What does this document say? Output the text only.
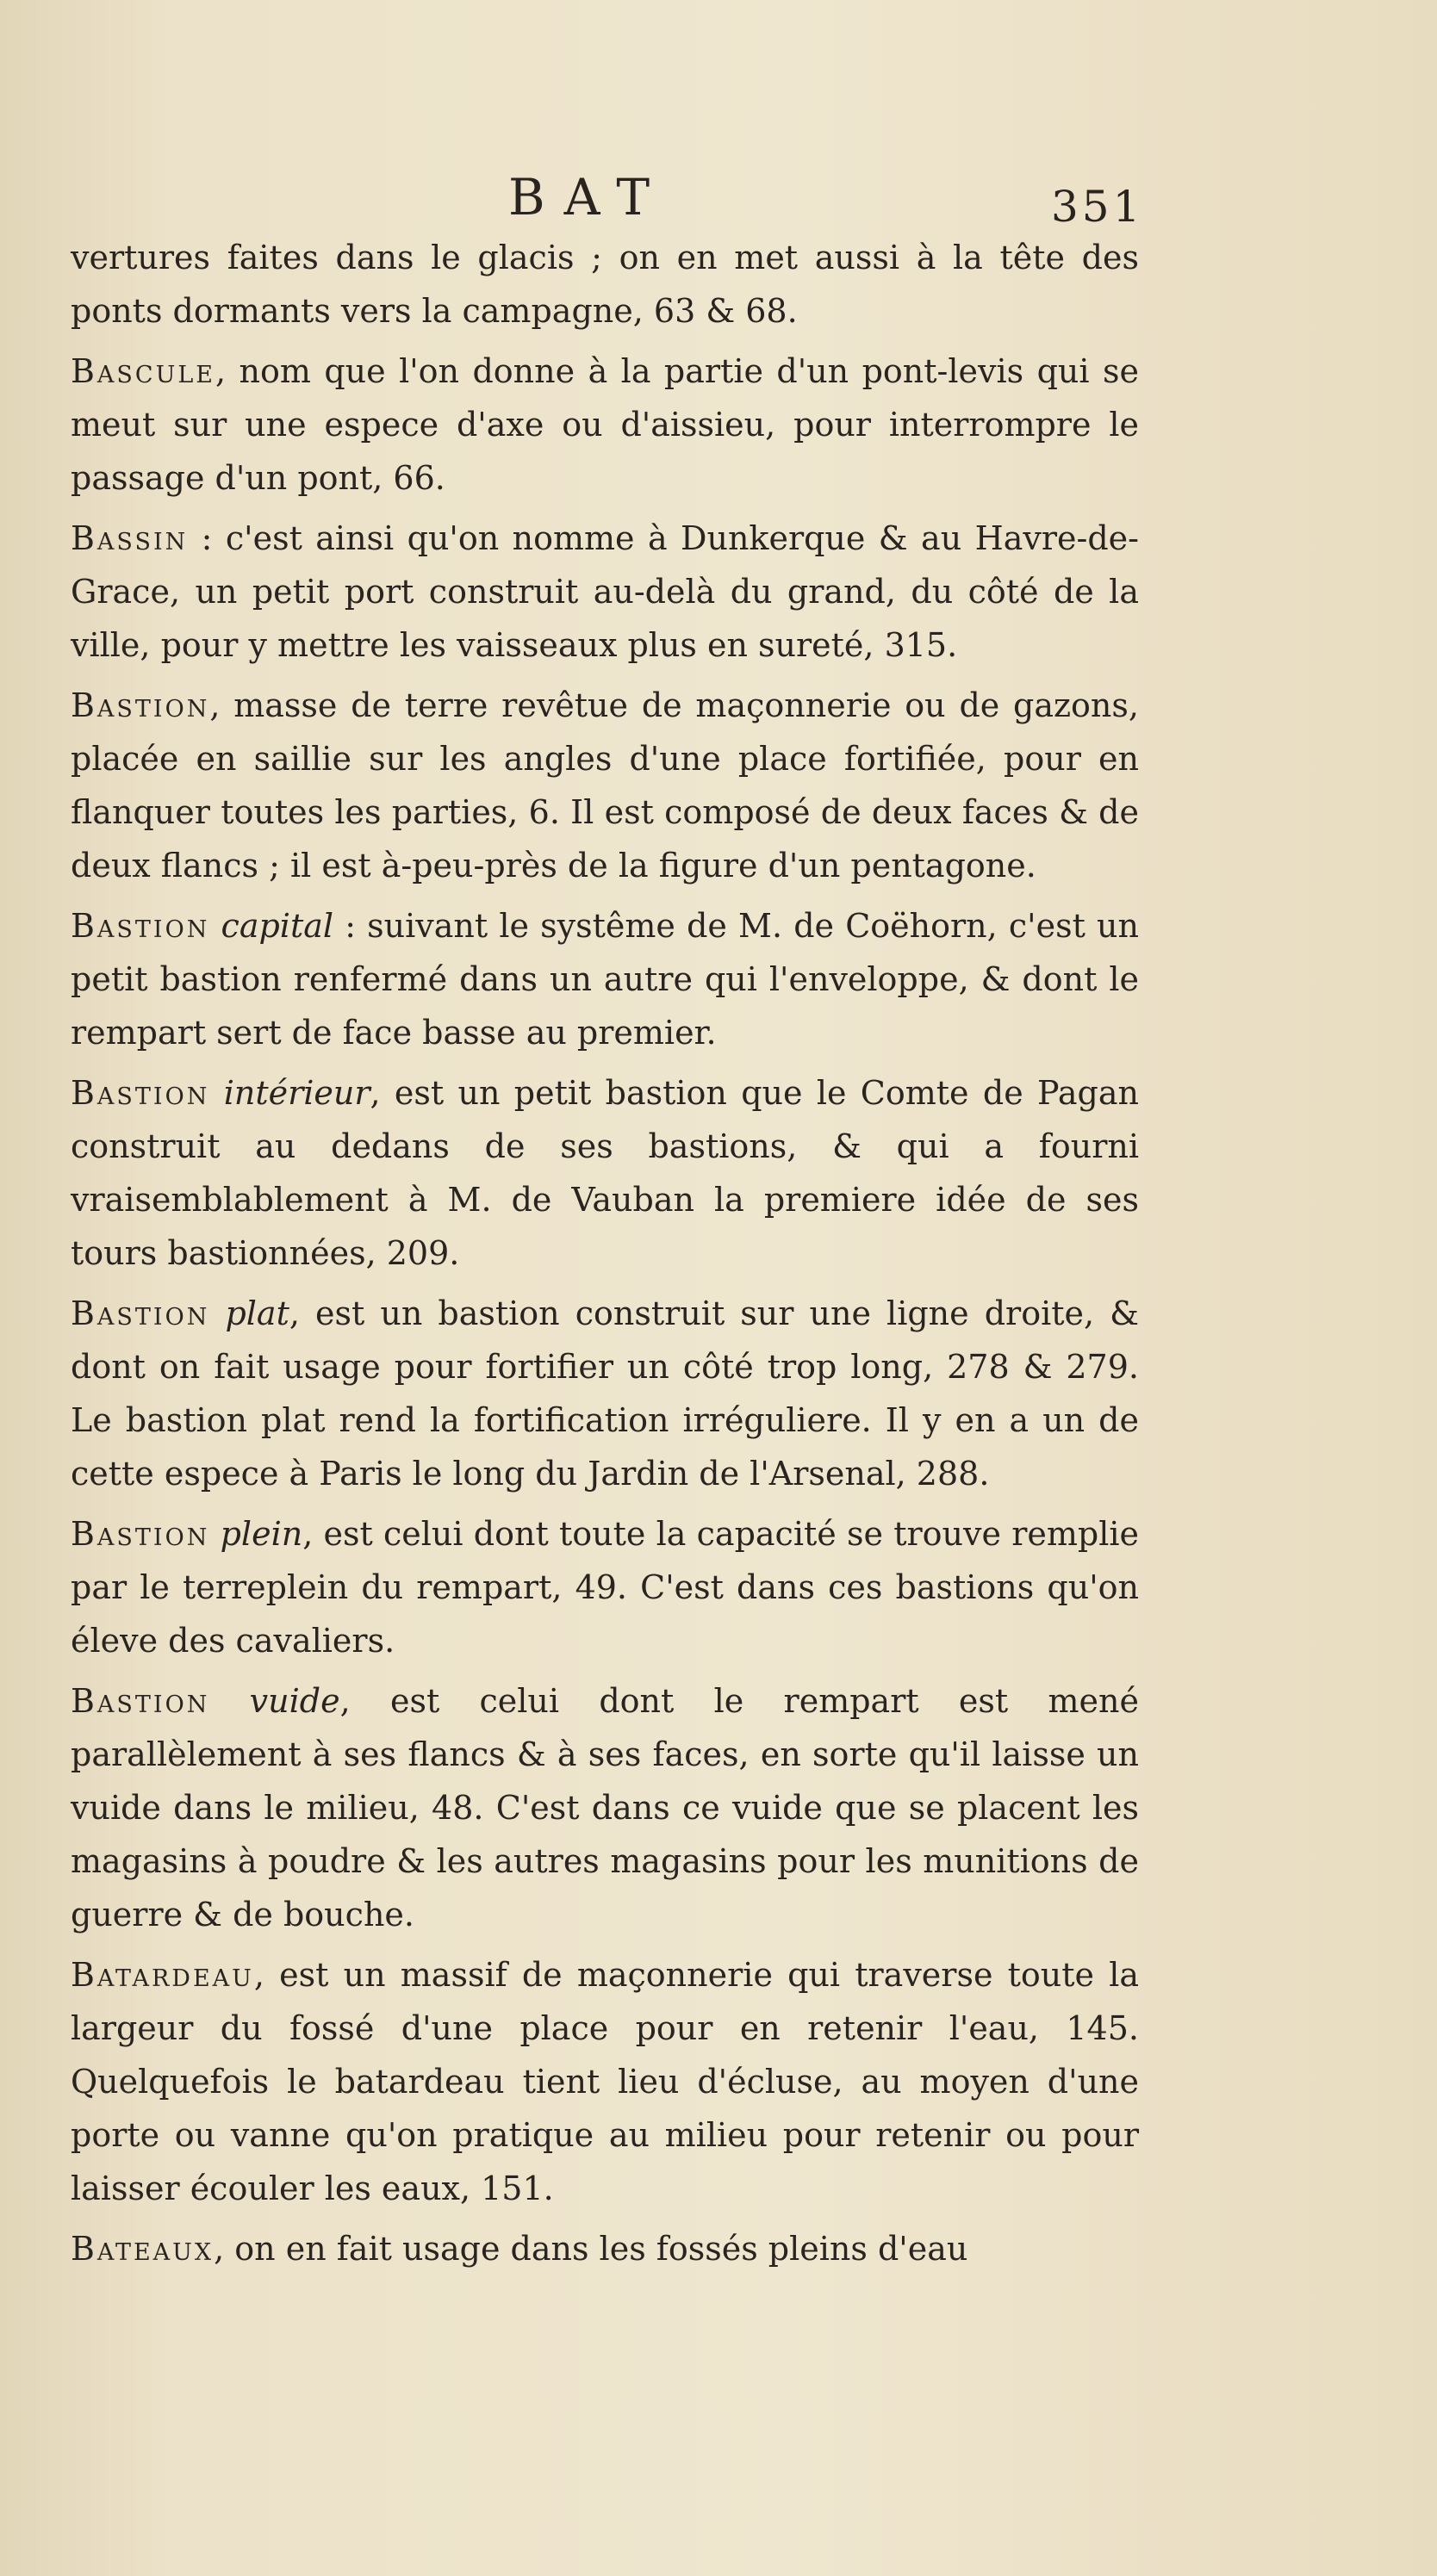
BAT	351

vertures faites dans le glacis ; on en met aussi à la tête des ponts dormants vers la campagne, 63 & 68.

Bascule, nom que l'on donne à la partie d'un pont-levis qui se meut sur une espece d'axe ou d'aissieu, pour interrompre le passage d'un pont, 66.

Bassin : c'est ainsi qu'on nomme à Dunkerque & au Havre-de-Grace, un petit port construit au-delà du grand, du côté de la ville, pour y mettre les vaisseaux plus en sureté, 315.

Bastion, masse de terre revêtue de maçonnerie ou de gazons, placée en saillie sur les angles d'une place fortifiée, pour en flanquer toutes les parties, 6. Il est composé de deux faces & de deux flancs ; il est à-peu-près de la figure d'un pentagone.

Bastion capital : suivant le systême de M. de Coëhorn, c'est un petit bastion renfermé dans un autre qui l'enveloppe, & dont le rempart sert de face basse au premier.

Bastion intérieur, est un petit bastion que le Comte de Pagan construit au dedans de ses bastions, & qui a fourni vraisemblablement à M. de Vauban la premiere idée de ses tours bastionnées, 209.

Bastion plat, est un bastion construit sur une ligne droite, & dont on fait usage pour fortifier un côté trop long, 278 & 279. Le bastion plat rend la fortification irréguliere. Il y en a un de cette espece à Paris le long du Jardin de l'Arsenal, 288.

Bastion plein, est celui dont toute la capacité se trouve remplie par le terreplein du rempart, 49. C'est dans ces bastions qu'on éleve des cavaliers.

Bastion vuide, est celui dont le rempart est mené parallèlement à ses flancs & à ses faces, en sorte qu'il laisse un vuide dans le milieu, 48. C'est dans ce vuide que se placent les magasins à poudre & les autres magasins pour les munitions de guerre & de bouche.

Batardeau, est un massif de maçonnerie qui traverse toute la largeur du fossé d'une place pour en retenir l'eau, 145. Quelquefois le batardeau tient lieu d'écluse, au moyen d'une porte ou vanne qu'on pratique au milieu pour retenir ou pour laisser écouler les eaux, 151.

Bateaux, on en fait usage dans les fossés pleins d'eau
